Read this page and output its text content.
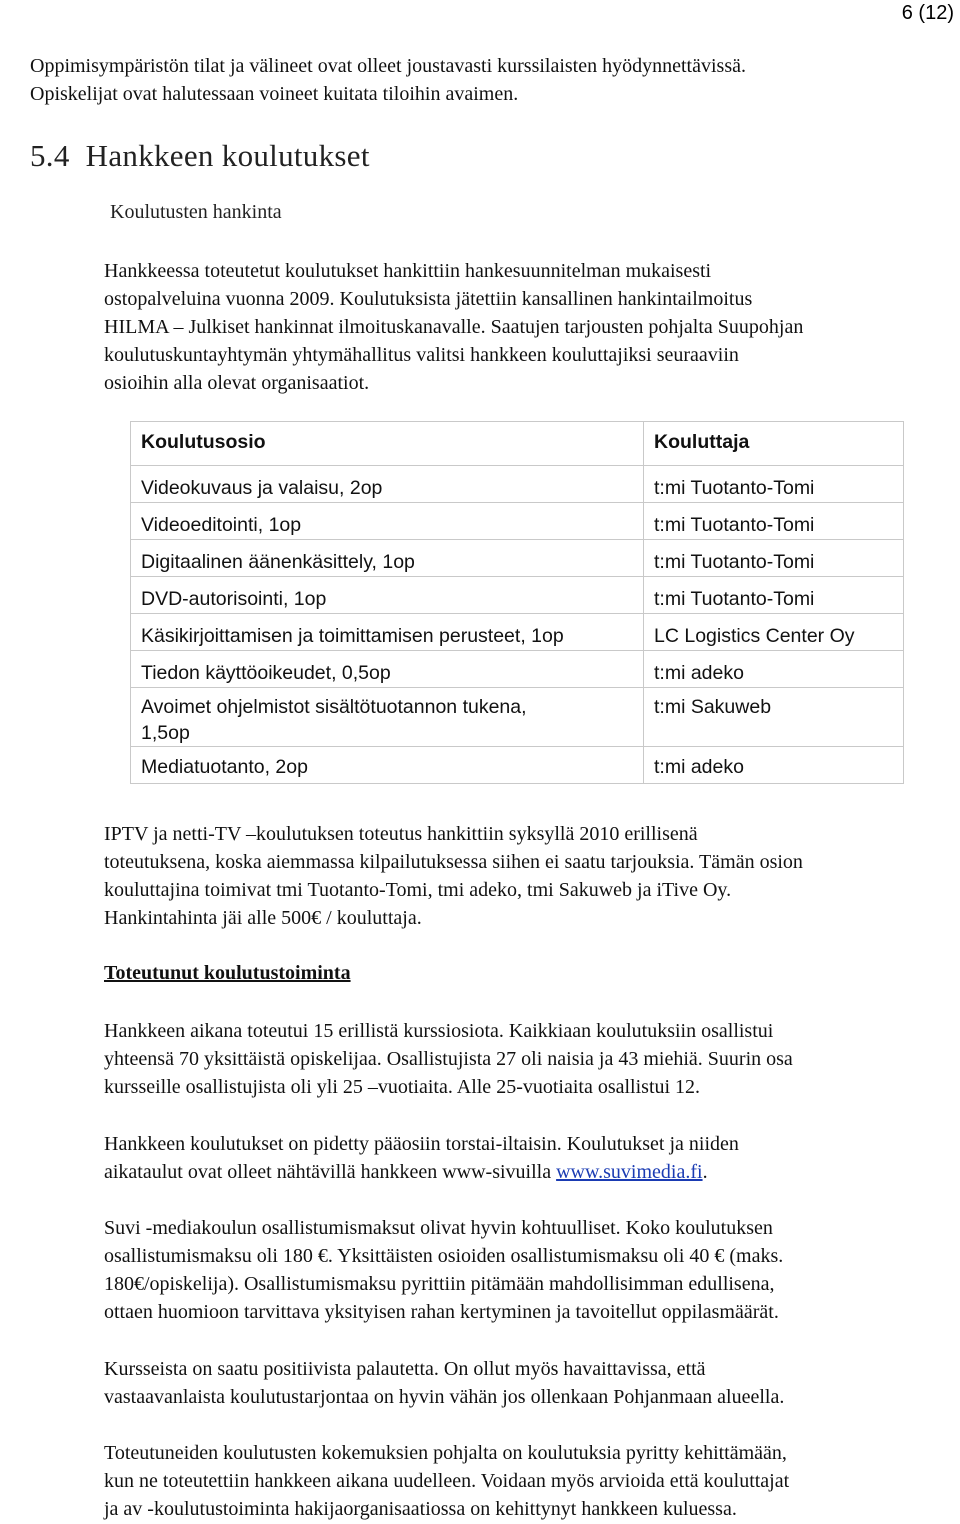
6 (12)

Oppimisympäristön tilat ja välineet ovat olleet joustavasti kurssilaisten hyödynnettävissä.

Opiskelijat ovat halutessaan voineet kuitata tiloihin avaimen.

5.4 Hankkeen koulutukset
Koulutusten hankinta

Hankkeessa toteutetut koulutukset hankittiin hankesuunnitelman mukaisesti

ostopalveluina vuonna 2009. Koulutuksista jätettiin kansallinen hankintailmoitus

HILMA – Julkiset hankinnat ilmoituskanavalle. Saatujen tarjousten pohjalta Suupohjan

koulutuskuntayhtymän yhtymähallitus valitsi hankkeen kouluttajiksi seuraaviin

osioihin alla olevat organisaatiot.

Koulutusosio	Kouluttaja
Videokuvaus ja valaisu, 2op	t:mi Tuotanto-Tomi
Videoeditointi, 1op	t:mi Tuotanto-Tomi
Digitaalinen äänenkäsittely, 1op	t:mi Tuotanto-Tomi
DVD-autorisointi, 1op	t:mi Tuotanto-Tomi
Käsikirjoittamisen ja toimittamisen perusteet, 1op	LC Logistics Center Oy
Tiedon käyttöoikeudet, 0,5op	t:mi adeko
Avoimet ohjelmistot sisältötuotannon tukena,
1,5op	t:mi Sakuweb
Mediatuotanto, 2op	t:mi adeko

IPTV ja netti-TV –koulutuksen toteutus hankittiin syksyllä 2010 erillisenä

toteutuksena, koska aiemmassa kilpailutuksessa siihen ei saatu tarjouksia. Tämän osion

kouluttajina toimivat tmi Tuotanto-Tomi, tmi adeko, tmi Sakuweb ja iTive Oy.

Hankintahinta jäi alle 500€ / kouluttaja.

Toteutunut koulutustoiminta

Hankkeen aikana toteutui 15 erillistä kurssiosiota. Kaikkiaan koulutuksiin osallistui

yhteensä 70 yksittäistä opiskelijaa. Osallistujista 27 oli naisia ja 43 miehiä. Suurin osa

kursseille osallistujista oli yli 25 –vuotiaita. Alle 25-vuotiaita osallistui 12.

Hankkeen koulutukset on pidetty pääosiin torstai-iltaisin. Koulutukset ja niiden

aikataulut ovat olleet nähtävillä hankkeen www-sivuilla www.suvimedia.fi.

Suvi -mediakoulun osallistumismaksut olivat hyvin kohtuulliset. Koko koulutuksen

osallistumismaksu oli 180 €. Yksittäisten osioiden osallistumismaksu oli 40 € (maks.

180€/opiskelija). Osallistumismaksu pyrittiin pitämään mahdollisimman edullisena,

ottaen huomioon tarvittava yksityisen rahan kertyminen ja tavoitellut oppilasmäärät.

Kursseista on saatu positiivista palautetta. On ollut myös havaittavissa, että

vastaavanlaista koulutustarjontaa on hyvin vähän jos ollenkaan Pohjanmaan alueella.

Toteutuneiden koulutusten kokemuksien pohjalta on koulutuksia pyritty kehittämään,

kun ne toteutettiin hankkeen aikana uudelleen. Voidaan myös arvioida että kouluttajat

ja av -koulutustoiminta hakijaorganisaatiossa on kehittynyt hankkeen kuluessa.
